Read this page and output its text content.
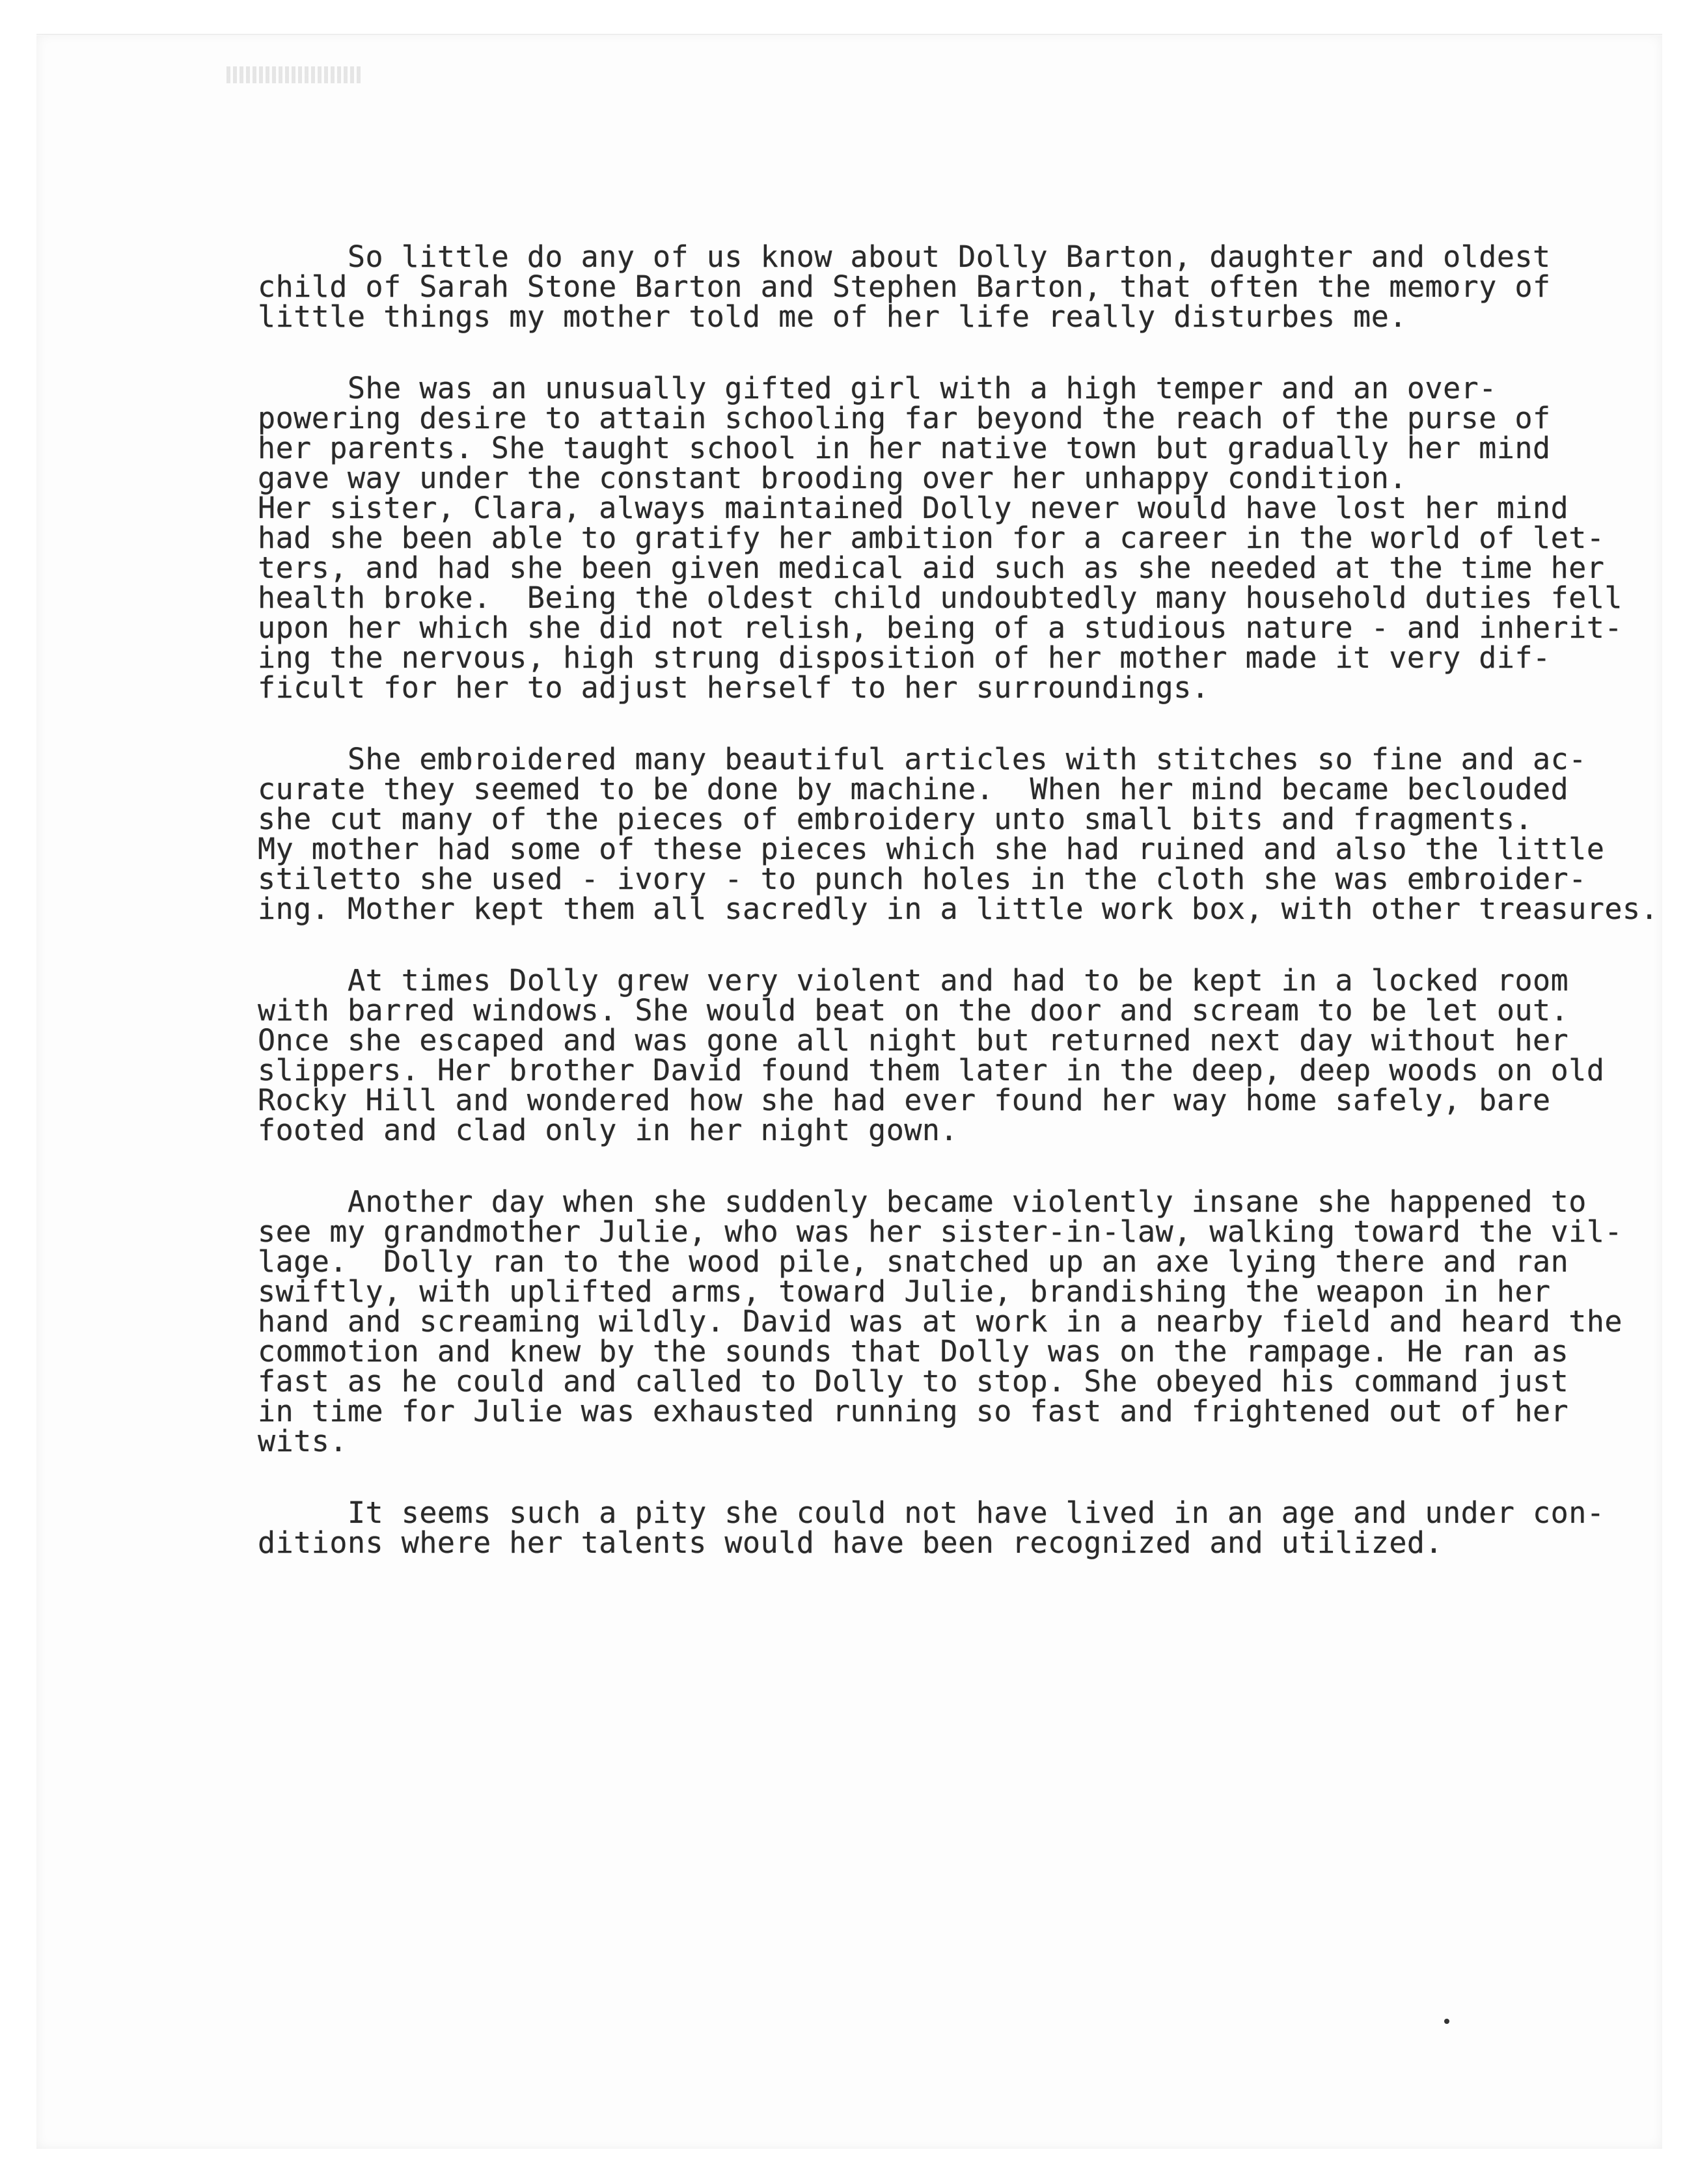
So little do any of us know about Dolly Barton, daughter and oldest
child of Sarah Stone Barton and Stephen Barton, that often the memory of
little things my mother told me of her life really disturbes me.

She was an unusually gifted girl with a high temper and an over-
powering desire to attain schooling far beyond the reach of the purse of
her parents. She taught school in her native town but gradually her mind
gave way under the constant brooding over her unhappy condition.
Her sister, Clara, always maintained Dolly never would have lost her mind
had she been able to gratify her ambition for a career in the world of let-
ters, and had she been given medical aid such as she needed at the time her
health broke.  Being the oldest child undoubtedly many household duties fell
upon her which she did not relish, being of a studious nature - and inherit-
ing the nervous, high strung disposition of her mother made it very dif-
ficult for her to adjust herself to her surroundings.

She embroidered many beautiful articles with stitches so fine and ac-
curate they seemed to be done by machine.  When her mind became beclouded
she cut many of the pieces of embroidery unto small bits and fragments.
My mother had some of these pieces which she had ruined and also the little
stiletto she used - ivory - to punch holes in the cloth she was embroider-
ing. Mother kept them all sacredly in a little work box, with other treasures.

At times Dolly grew very violent and had to be kept in a locked room
with barred windows. She would beat on the door and scream to be let out.
Once she escaped and was gone all night but returned next day without her
slippers. Her brother David found them later in the deep, deep woods on old
Rocky Hill and wondered how she had ever found her way home safely, bare
footed and clad only in her night gown.

Another day when she suddenly became violently insane she happened to
see my grandmother Julie, who was her sister-in-law, walking toward the vil-
lage.  Dolly ran to the wood pile, snatched up an axe lying there and ran
swiftly, with uplifted arms, toward Julie, brandishing the weapon in her
hand and screaming wildly. David was at work in a nearby field and heard the
commotion and knew by the sounds that Dolly was on the rampage. He ran as
fast as he could and called to Dolly to stop. She obeyed his command just
in time for Julie was exhausted running so fast and frightened out of her
wits.

It seems such a pity she could not have lived in an age and under con-
ditions where her talents would have been recognized and utilized.
